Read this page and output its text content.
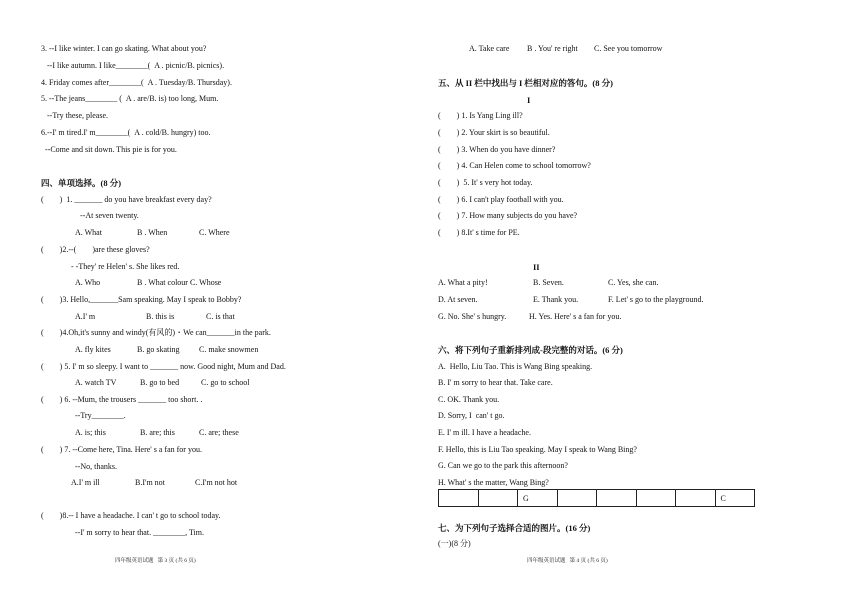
3. --I like winter. I can go skating. What about you?
--I like autumn. I like________( A . picnic/B. picnics).
4. Friday comes after________( A . Tuesday/B. Thursday).
5. --The jeans________ ( A . are/B. is) too long, Mum.
--Try these, please.
6.--I' m tired.I' m________( A . cold/B. hungry) too.
--Come and sit down. This pie is for you.
四、单项选择。(8 分)
(        )  1. _______ do you have breakfast every day?
--At seven twenty.
A. What	B . When	C. Where
(        )2.--(        )are these gloves?
- -They' re Helen' s. She likes red.
A. Who	B . What colour C. Whose
(        )3. Hello,_______Sam speaking. May I speak to Bobby?
A.I' m	B. this is	C. is that
(        )4.Oh,it's sunny and windy(有风的)・We can_______in the park.
A. fly kites	B. go skating C. make snowmen
(        ) 5. I' m so sleepy. I want to _______ now. Good night, Mum and Dad.
A. watch TV	B. go to bed	C. go to school
(        ) 6. --Mum, the trousers _______ too short. .
--Try________.
A. is; this	B. are; this	C. are; these
(        ) 7. --Come here, Tina. Here' s a fan for you.
--No, thanks.
A.I' m ill	B.I'm not	C.I'm not hot
(        )8.-- I have a headache. I can' t go to school today.
--I' m sorry to hear that. ________, Tim.
四年级英语试题   第 3 页 (共 6 页)
A. Take care B . You' re right C. See you tomorrow
五、从 II 栏中找出与 I 栏相对应的答句。(8 分)
I
(        ) 1. Is Yang Ling ill?
(        ) 2. Your skirt is so beautiful.
(        ) 3. When do you have dinner?
(        ) 4. Can Helen come to school tomorrow?
(        )  5. It' s very hot today.
(        ) 6. I can't play football with you.
(        ) 7. How many subjects do you have?
(        ) 8.It' s time for PE.
II
A. What a pity!	B. Seven.	C. Yes, she can.
D. At seven.	E. Thank you.	F. Let' s go to the playground.
G. No. She' s hungry.	H. Yes. Here' s a fan for you.
六、将下列句子重新排列成-段完整的对话。(6 分)
A.  Hello, Liu Tao. This is Wang Bing speaking.
B. I' m sorry to hear that. Take care.
C. OK. Thank you.
D. Sorry, I  can' t go.
E. I' m ill. I have a headache.
F. Hello, this is Liu Tao speaking. May I speak to Wang Bing?
G. Can we go to the park this afternoon?
H. What' s the matter, Wang Bing?
		G					C
七、为下列句子选择合适的图片。(16 分)
(一)(8 分)
四年级英语试题   第 4 页 (共 6 页)
